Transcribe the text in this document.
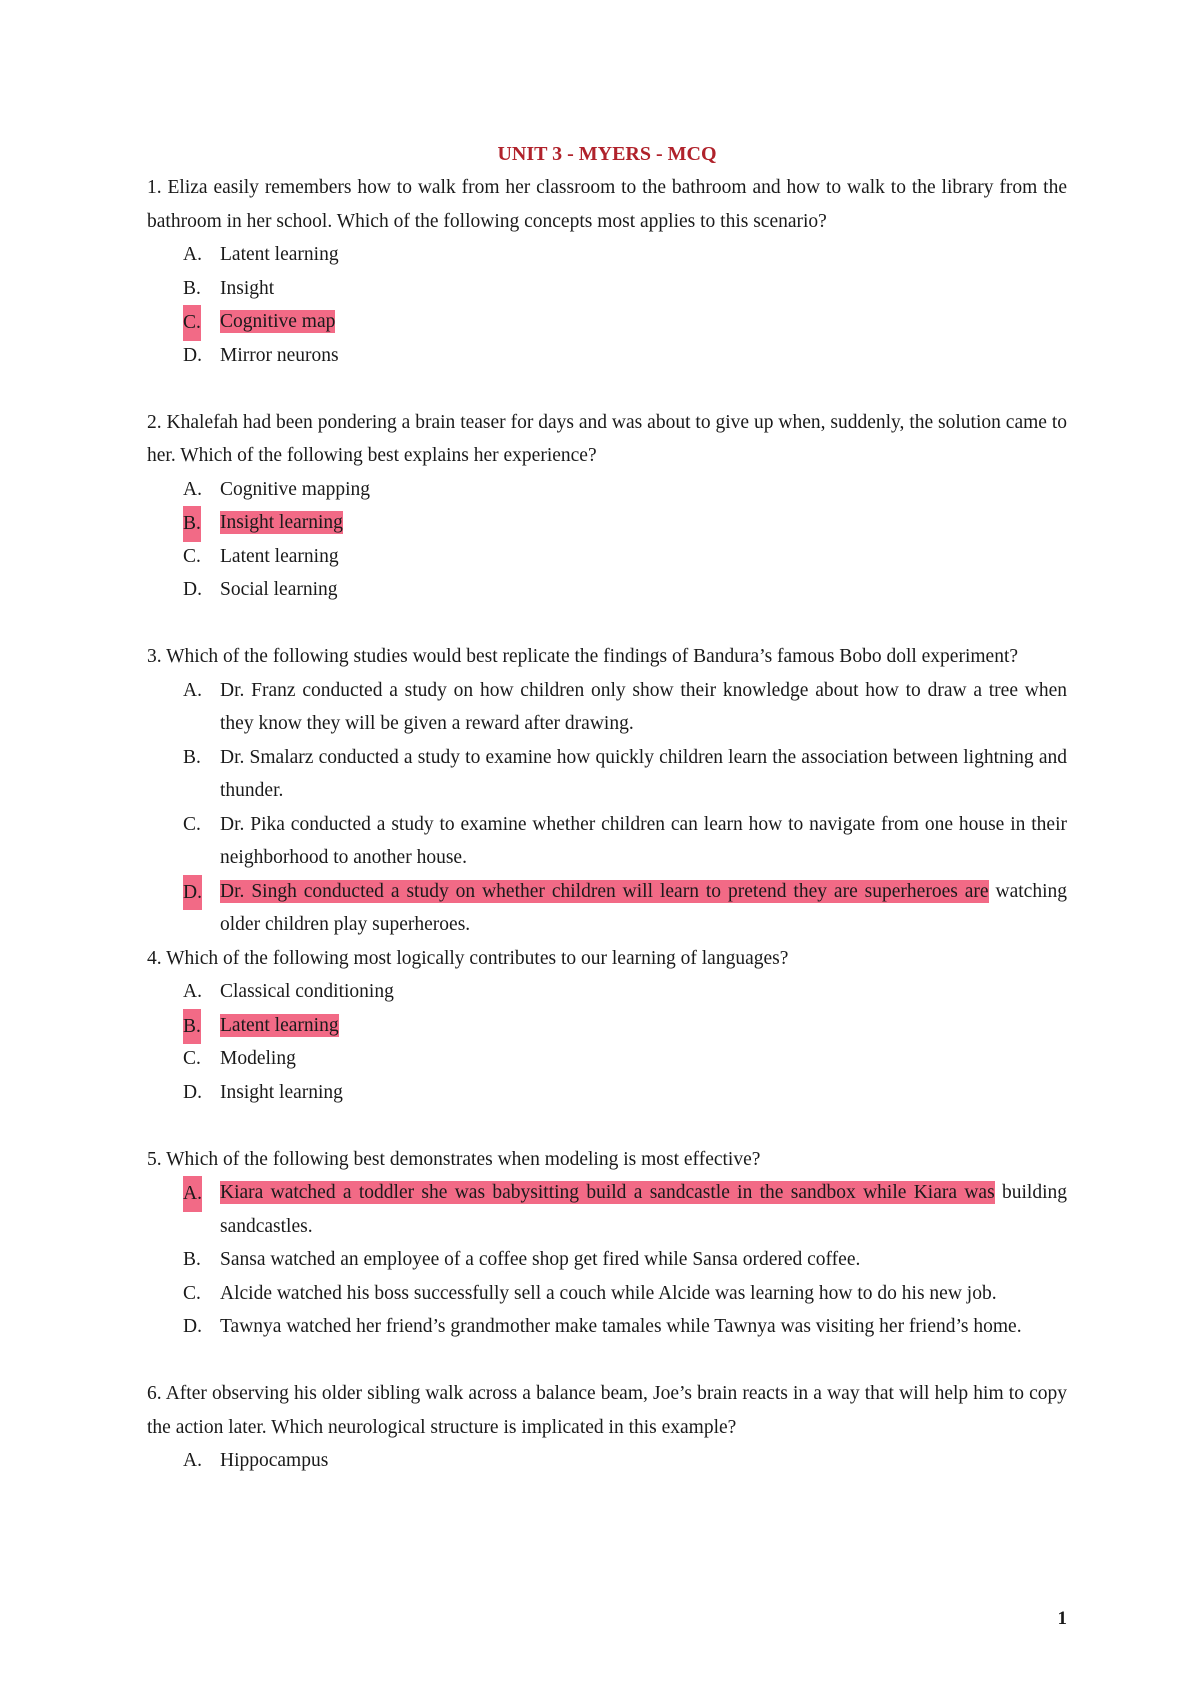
UNIT 3 - MYERS - MCQ

1. Eliza easily remembers how to walk from her classroom to the bathroom and how to walk to the library from the bathroom in her school. Which of the following concepts most applies to this scenario?

A. Latent learning
B. Insight
C. Cognitive map
D. Mirror neurons

2. Khalefah had been pondering a brain teaser for days and was about to give up when, suddenly, the solution came to her. Which of the following best explains her experience?

A. Cognitive mapping
B. Insight learning
C. Latent learning
D. Social learning

3. Which of the following studies would best replicate the findings of Bandura’s famous Bobo doll experiment?

A. Dr. Franz conducted a study on how children only show their knowledge about how to draw a tree when they know they will be given a reward after drawing.
B. Dr. Smalarz conducted a study to examine how quickly children learn the association between lightning and thunder.
C. Dr. Pika conducted a study to examine whether children can learn how to navigate from one house in their neighborhood to another house.
D. Dr. Singh conducted a study on whether children will learn to pretend they are superheroes are watching older children play superheroes.

4. Which of the following most logically contributes to our learning of languages?

A. Classical conditioning
B. Latent learning
C. Modeling
D. Insight learning

5. Which of the following best demonstrates when modeling is most effective?

A. Kiara watched a toddler she was babysitting build a sandcastle in the sandbox while Kiara was building sandcastles.
B. Sansa watched an employee of a coffee shop get fired while Sansa ordered coffee.
C. Alcide watched his boss successfully sell a couch while Alcide was learning how to do his new job.
D. Tawnya watched her friend’s grandmother make tamales while Tawnya was visiting her friend’s home.

6. After observing his older sibling walk across a balance beam, Joe’s brain reacts in a way that will help him to copy the action later. Which neurological structure is implicated in this example?

A. Hippocampus
1
